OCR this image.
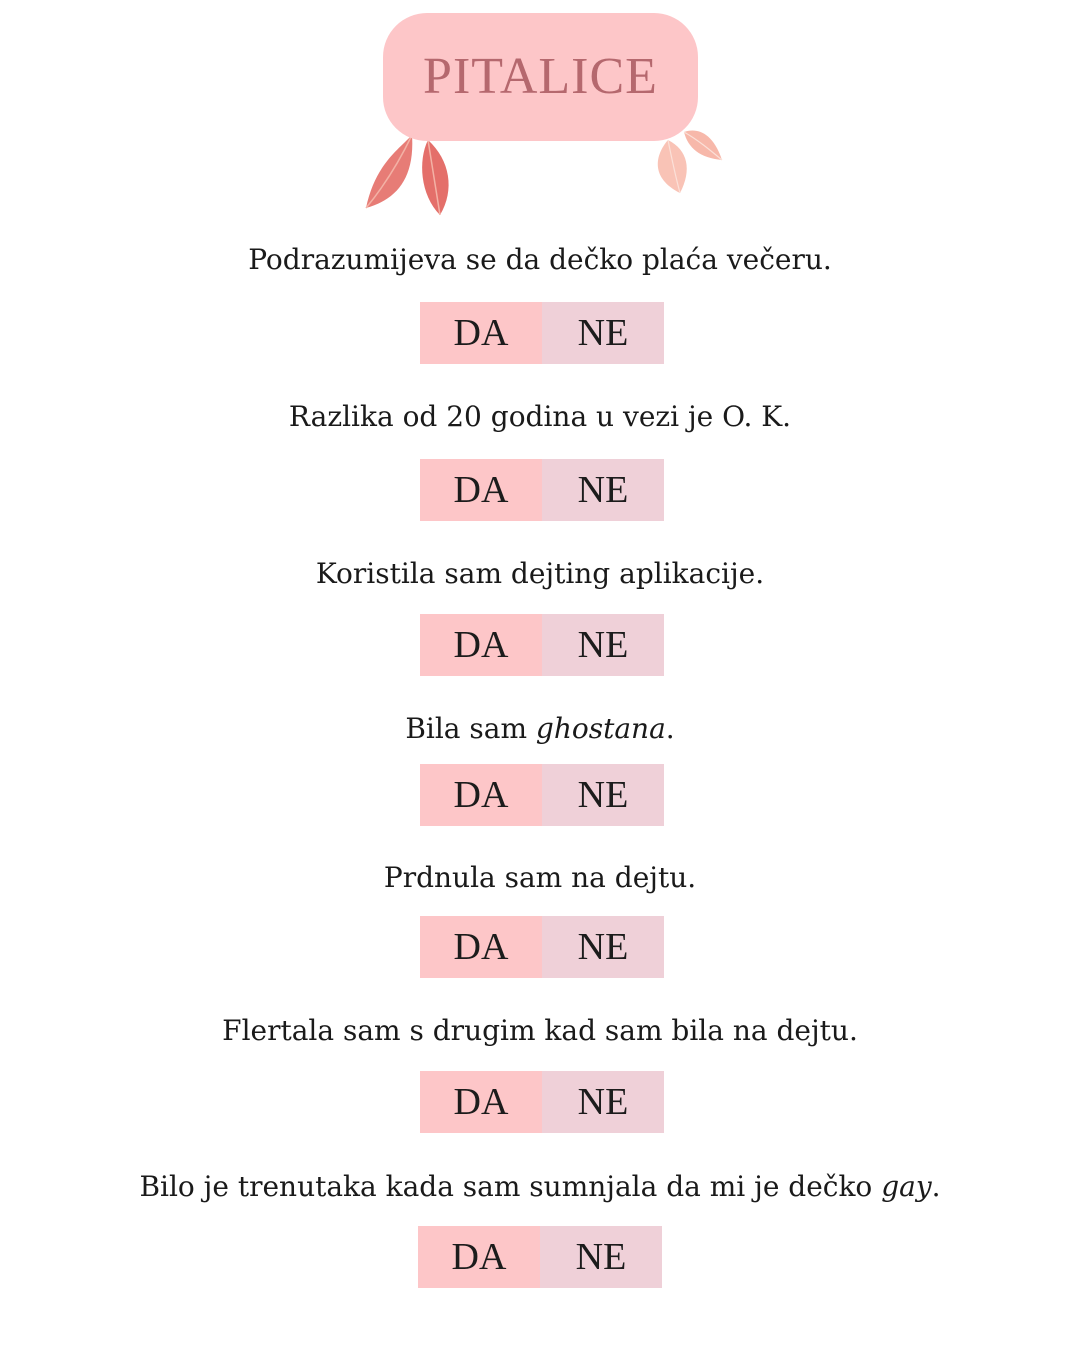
PITALICE
Podrazumijeva se da dečko plaća večeru.
DA	NE
Razlika od 20 godina u vezi je O. K.
DA	NE
Koristila sam dejting aplikacije.
DA	NE
Bila sam ghostana.
DA	NE
Prdnula sam na dejtu.
DA	NE
Flertala sam s drugim kad sam bila na dejtu.
DA	NE
Bilo je trenutaka kada sam sumnjala da mi je dečko gay.
DA	NE
